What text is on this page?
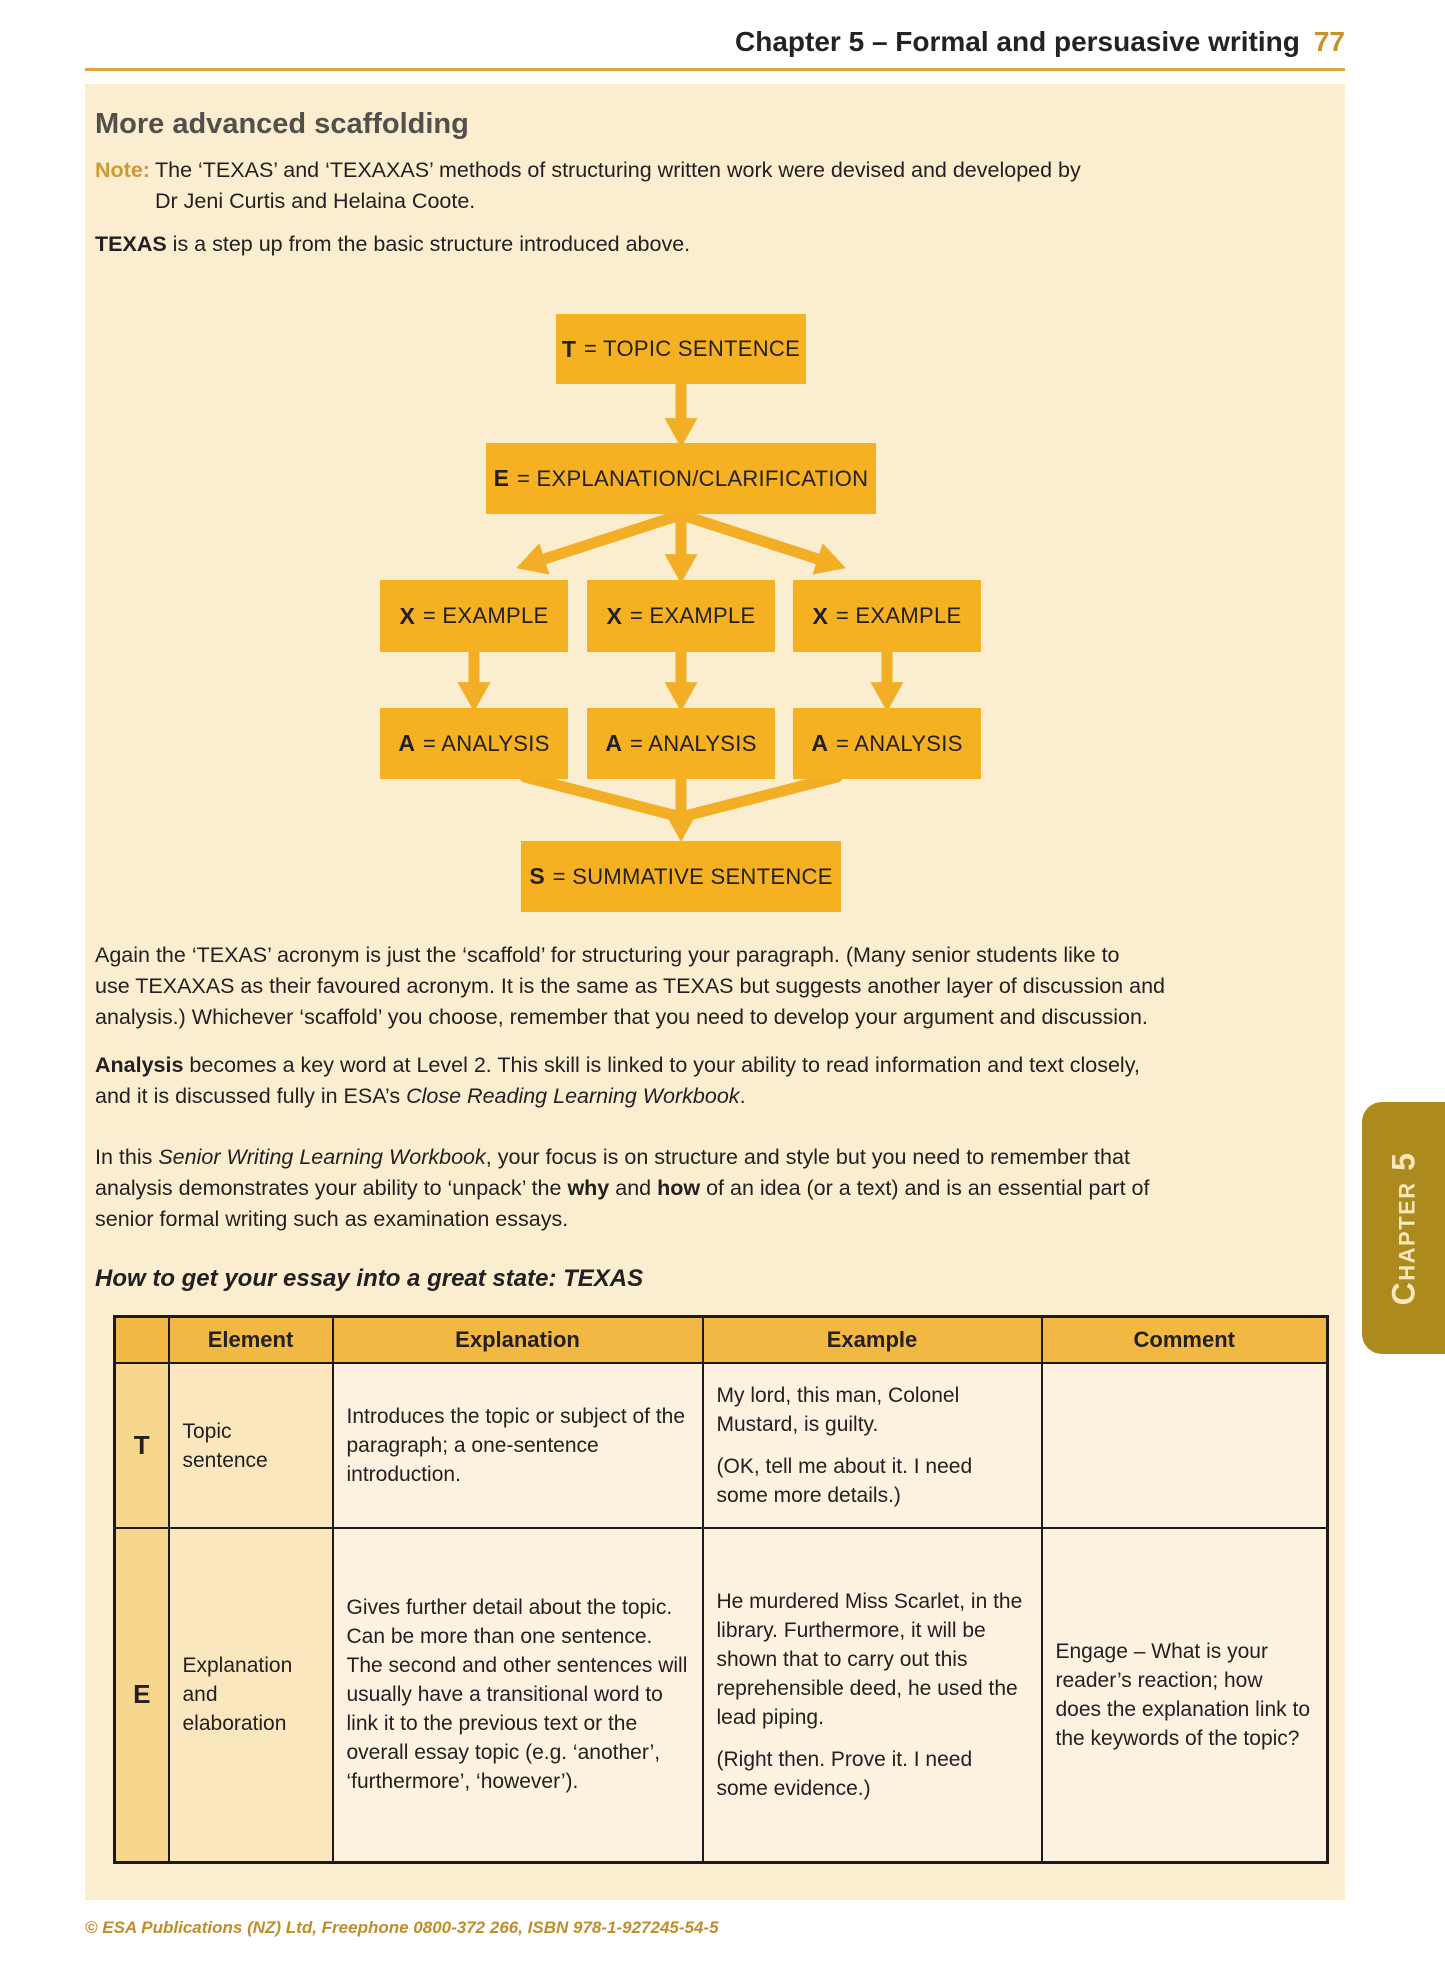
Chapter 5 – Formal and persuasive writing 77
More advanced scaffolding
Note: The ‘TEXAS’ and ‘TEXAXAS’ methods of structuring written work were devised and developed by
Dr Jeni Curtis and Helaina Coote.
TEXAS is a step up from the basic structure introduced above.
T = TOPIC SENTENCE
E = EXPLANATION/CLARIFICATION
X = EXAMPLE	X = EXAMPLE X = EXAMPLE
A = ANALYSIS A = ANALYSIS A = ANALYSIS
S = SUMMATIVE SENTENCE
Again the ‘TEXAS’ acronym is just the ‘scaffold’ for structuring your paragraph. (Many senior students like to
use TEXAXAS as their favoured acronym. It is the same as TEXAS but suggests another layer of discussion and
analysis.) Whichever ‘scaffold’ you choose, remember that you need to develop your argument and discussion.
Analysis becomes a key word at Level 2. This skill is linked to your ability to read information and text closely,
and it is discussed fully in ESA’s Close Reading Learning Workbook.
In this Senior Writing Learning Workbook, your focus is on structure and style but you need to remember that
analysis demonstrates your ability to ‘unpack’ the why and how of an idea (or a text) and is an essential part of
senior formal writing such as examination essays.
How to get your essay into a great state: TEXAS
	Element	Explanation	Example	Comment
T	Topic sentence	Introduces the topic or subject of the paragraph; a one-sentence introduction.	My lord, this man, Colonel Mustard, is guilty.
(OK, tell me about it. I need some more details.)	

E	Explanation and elaboration	Gives further detail about the topic. Can be more than one sentence. The second and other sentences will usually have a transitional word to link it to the previous text or the overall essay topic (e.g. ‘another’, ‘furthermore’, ‘however’).	He murdered Miss Scarlet, in the library. Furthermore, it will be shown that to carry out this reprehensible deed, he used the lead piping.
(Right then. Prove it. I need some evidence.)	Engage – What is your reader’s reaction; how does the explanation link to the keywords of the topic?
© ESA Publications (NZ) Ltd, Freephone 0800-372 266, ISBN 978-1-927245-54-5
Chapter 5
